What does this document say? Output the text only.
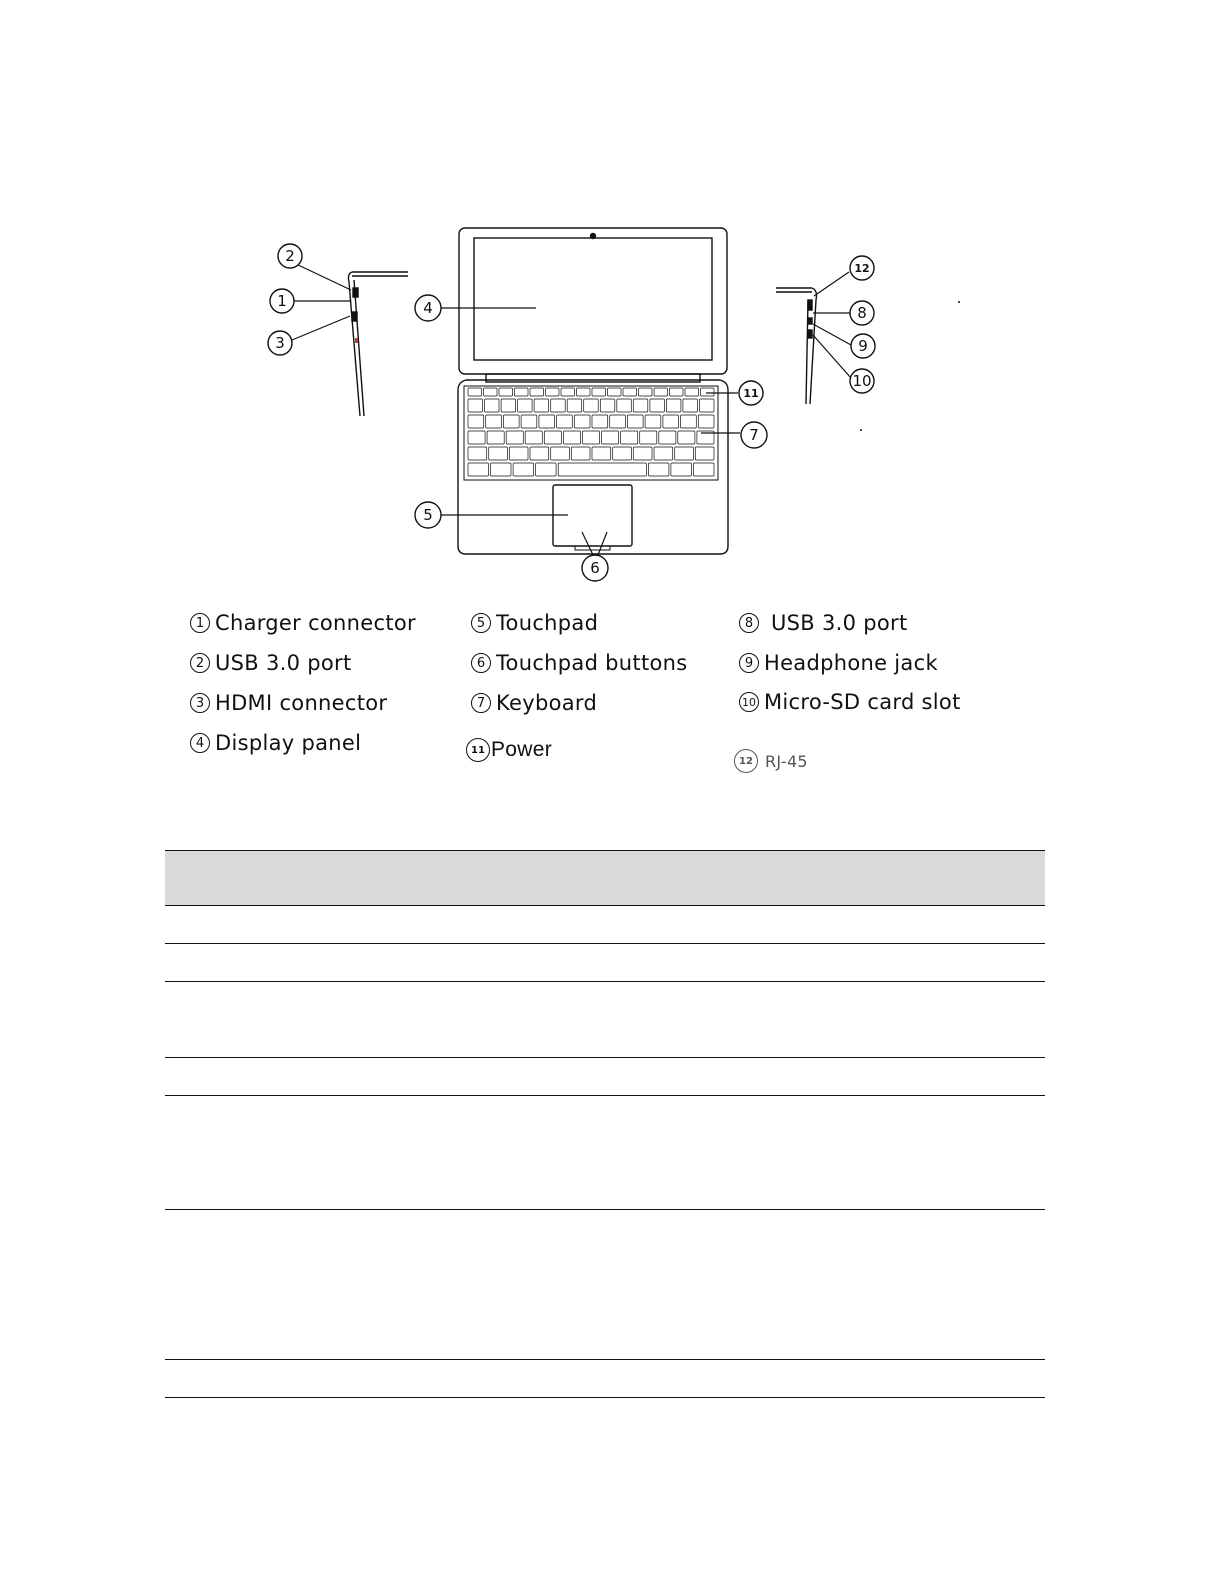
1
2
3
4
5
6
7
8
9
10
11
12
1 Charger connector
2 USB 3.0 port
3 HDMI connector
4 Display panel
5 Touchpad
6 Touchpad buttons
7 Keyboard
11 Power
8 USB 3.0 port
9 Headphone jack
10 Micro-SD card slot
12 RJ-45
